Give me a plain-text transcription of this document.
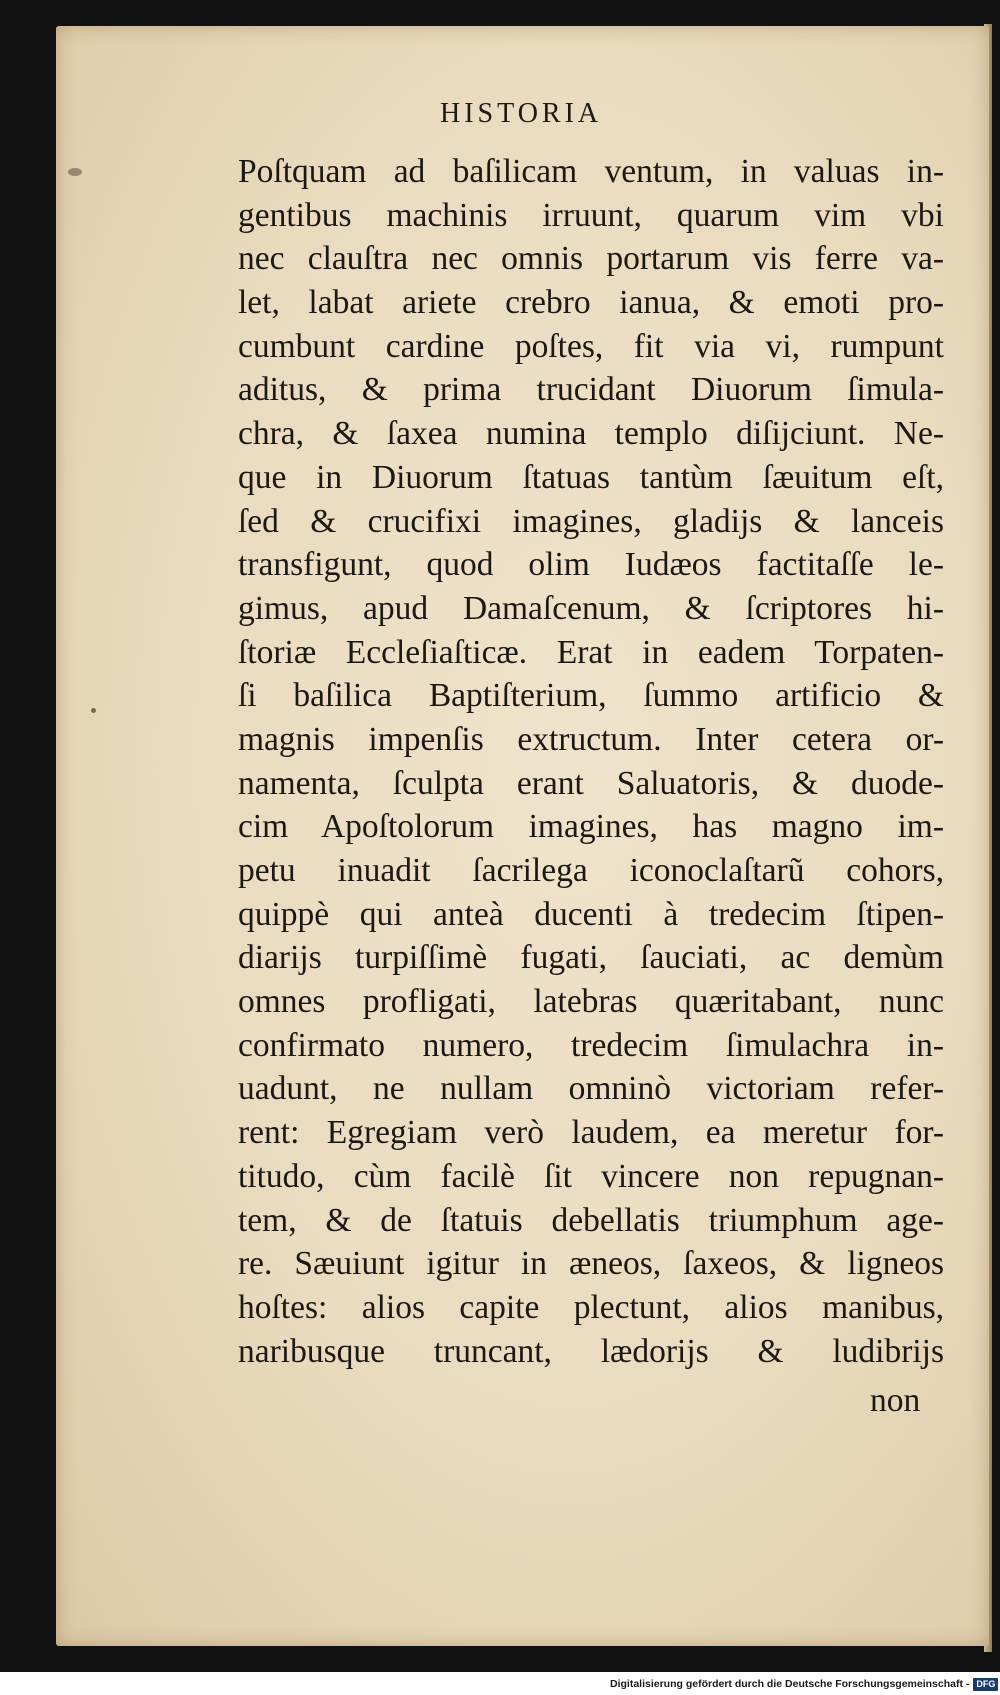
HISTORIA
Poſtquam ad baſilicam ventum, in valuas in-
gentibus machinis irruunt, quarum vim vbi
nec clauſtra nec omnis portarum vis ferre va-
let, labat ariete crebro ianua, & emoti pro-
cumbunt cardine poſtes, fit via vi, rumpunt
aditus, & prima trucidant Diuorum ſimula-
chra, & ſaxea numina templo diſijciunt. Ne-
que in Diuorum ſtatuas tantùm ſæuitum eſt,
ſed & crucifixi imagines, gladijs & lanceis
transfigunt, quod olim Iudæos factitaſſe le-
gimus, apud Damaſcenum, & ſcriptores hi-
ſtoriæ Eccleſiaſticæ. Erat in eadem Torpaten-
ſi baſilica Baptiſterium, ſummo artificio &
magnis impenſis extructum. Inter cetera or-
namenta, ſculpta erant Saluatoris, & duode-
cim Apoſtolorum imagines, has magno im-
petu inuadit ſacrilega iconoclaſtarũ cohors,
quippè qui anteà ducenti à tredecim ſtipen-
diarijs turpiſſimè fugati, ſauciati, ac demùm
omnes profligati, latebras quæritabant, nunc
confirmato numero, tredecim ſimulachra in-
uadunt, ne nullam omninò victoriam refer-
rent: Egregiam verò laudem, ea meretur for-
titudo, cùm facilè ſit vincere non repugnan-
tem, & de ſtatuis debellatis triumphum age-
re. Sæuiunt igitur in æneos, ſaxeos, & ligneos
hoſtes: alios capite plectunt, alios manibus,
naribusque truncant, lædorijs & ludibrijs
non
Digitalisierung gefördert durch die Deutsche Forschungsgemeinschaft - DFG
